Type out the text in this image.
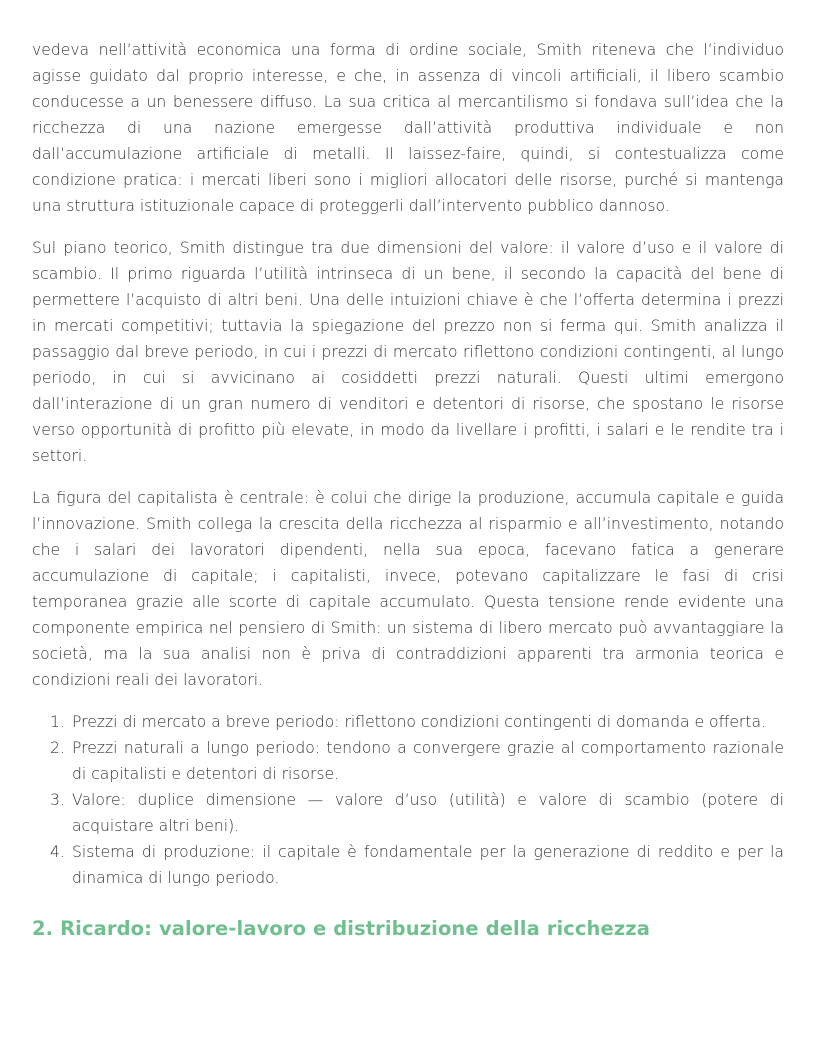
vedeva nell’attività economica una forma di ordine sociale, Smith riteneva che l’individuo agisse guidato dal proprio interesse, e che, in assenza di vincoli artificiali, il libero scambio conducesse a un benessere diffuso. La sua critica al mercantilismo si fondava sull’idea che la ricchezza di una nazione emergesse dall’attività produttiva individuale e non dall’accumulazione artificiale di metalli. Il laissez-faire, quindi, si contestualizza come condizione pratica: i mercati liberi sono i migliori allocatori delle risorse, purché si mantenga una struttura istituzionale capace di proteggerli dall’intervento pubblico dannoso.

Sul piano teorico, Smith distingue tra due dimensioni del valore: il valore d’uso e il valore di scambio. Il primo riguarda l’utilità intrinseca di un bene, il secondo la capacità del bene di permettere l’acquisto di altri beni. Una delle intuizioni chiave è che l’offerta determina i prezzi in mercati competitivi; tuttavia la spiegazione del prezzo non si ferma qui. Smith analizza il passaggio dal breve periodo, in cui i prezzi di mercato riflettono condizioni contingenti, al lungo periodo, in cui si avvicinano ai cosiddetti prezzi naturali. Questi ultimi emergono dall’interazione di un gran numero di venditori e detentori di risorse, che spostano le risorse verso opportunità di profitto più elevate, in modo da livellare i profitti, i salari e le rendite tra i settori.

La figura del capitalista è centrale: è colui che dirige la produzione, accumula capitale e guida l’innovazione. Smith collega la crescita della ricchezza al risparmio e all’investimento, notando che i salari dei lavoratori dipendenti, nella sua epoca, facevano fatica a generare accumulazione di capitale; i capitalisti, invece, potevano capitalizzare le fasi di crisi temporanea grazie alle scorte di capitale accumulato. Questa tensione rende evidente una componente empirica nel pensiero di Smith: un sistema di libero mercato può avvantaggiare la società, ma la sua analisi non è priva di contraddizioni apparenti tra armonia teorica e condizioni reali dei lavoratori.

1. Prezzi di mercato a breve periodo: riflettono condizioni contingenti di domanda e offerta.
2. Prezzi naturali a lungo periodo: tendono a convergere grazie al comportamento razionale di capitalisti e detentori di risorse.
3. Valore: duplice dimensione — valore d’uso (utilità) e valore di scambio (potere di acquistare altri beni).
4. Sistema di produzione: il capitale è fondamentale per la generazione di reddito e per la dinamica di lungo periodo.
2. Ricardo: valore-lavoro e distribuzione della ricchezza
